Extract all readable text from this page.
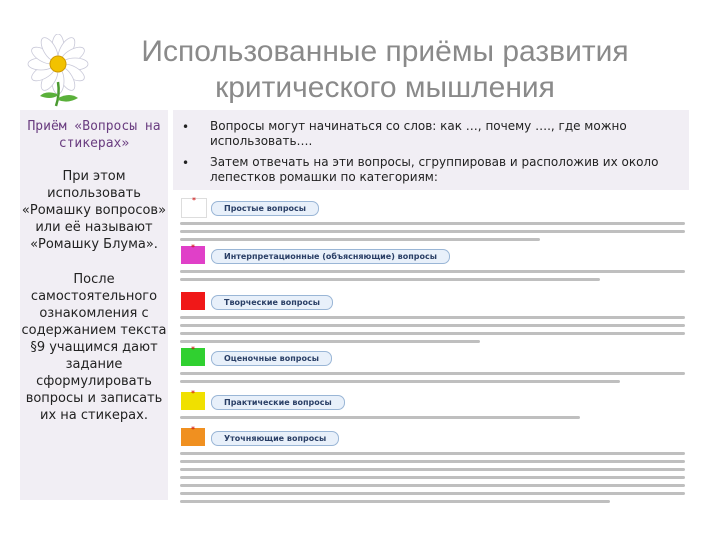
Использованные приёмы развития
критического мышления

Приём «Вопросы на стикерах»

При этом использовать «Ромашку вопросов» или её называют «Ромашку Блума».

После самостоятельного ознакомления с содержанием текста §9 учащимся дают задание сформулировать вопросы и записать их на стикерах.

• Вопросы могут начинаться со слов: как …, почему …., где можно использовать….
• Затем отвечать на эти вопросы, сгруппировав и расположив их около лепестков ромашки по категориям:
*
Простые вопросы
*
Интерпретационные (объясняющие) вопросы
Творческие вопросы
*
Оценочные вопросы
*
Практические вопросы
*
Уточняющие вопросы
